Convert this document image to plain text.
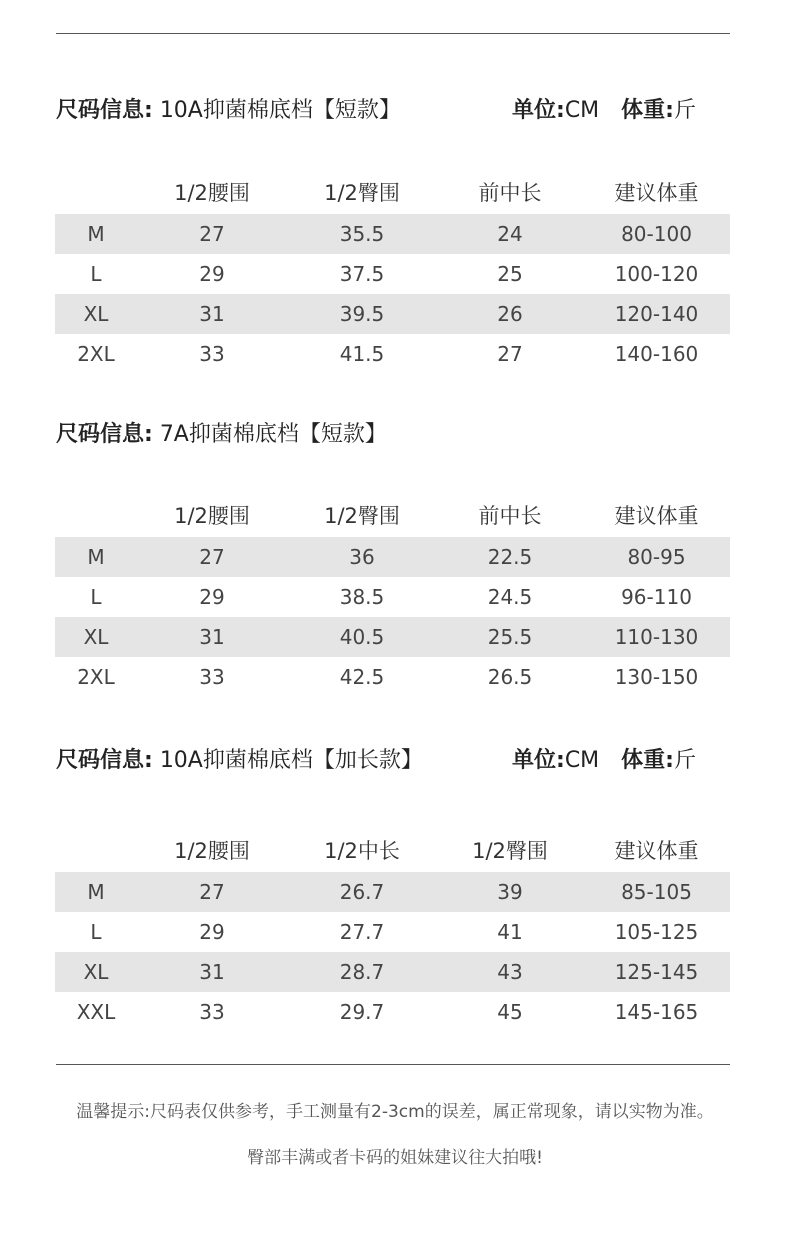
尺码信息: 10A抑菌棉底档【短款】	单位:CM 体重:斤
	1/2腰围	1/2臀围	前中长	建议体重
M	27	35.5	24	80-100
L	29	37.5	25	100-120
XL	31	39.5	26	120-140
2XL	33	41.5	27	140-160
尺码信息: 7A抑菌棉底档【短款】
	1/2腰围	1/2臀围	前中长	建议体重
M	27	36	22.5	80-95
L	29	38.5	24.5	96-110
XL	31	40.5	25.5	110-130
2XL	33	42.5	26.5	130-150
尺码信息: 10A抑菌棉底档【加长款】	单位:CM 体重:斤
	1/2腰围	1/2中长	1/2臀围	建议体重
M	27	26.7	39	85-105
L	29	27.7	41	105-125
XL	31	28.7	43	125-145
XXL	33	29.7	45	145-165
温馨提示:尺码表仅供参考，手工测量有2-3cm的误差，属正常现象，请以实物为准。
臀部丰满或者卡码的姐妹建议往大拍哦!
